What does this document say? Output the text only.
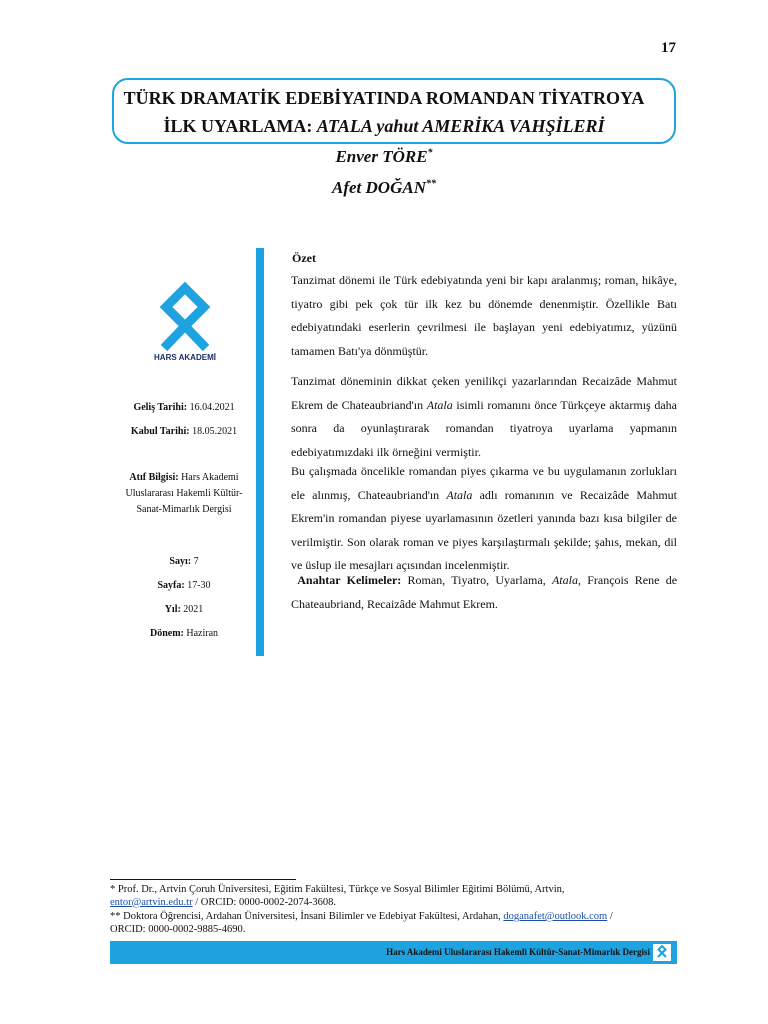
17
TÜRK DRAMATİK EDEBİYATINDA ROMANDAN TİYATROYA
İLK UYARLAMA: ATALA yahut AMERİKA VAHŞİLERİ
Enver TÖRE*
Afet DOĞAN**
HARS AKADEMİ
Geliş Tarihi: 16.04.2021
Kabul Tarihi: 18.05.2021
Atıf Bilgisi: Hars Akademi
Uluslararası Hakemli Kültür-
Sanat-Mimarlık Dergisi
Sayı: 7
Sayfa: 17-30
Yıl: 2021
Dönem: Haziran
Özet
Tanzimat dönemi ile Türk edebiyatında yeni bir kapı aralanmış; roman, hikâye, tiyatro gibi pek çok tür ilk kez bu dönemde denenmiştir. Özellikle Batı edebiyatındaki eserlerin çevrilmesi ile başlayan yeni edebiyatımız, yüzünü tamamen Batı'ya dönmüştür.
Tanzimat döneminin dikkat çeken yenilikçi yazarlarından Recaizâde Mahmut Ekrem de Chateaubriand'ın Atala isimli romanını önce Türkçeye aktarmış daha sonra da oyunlaştırarak romandan tiyatroya uyarlama yapmanın edebiyatımızdaki ilk örneğini vermiştir.
Bu çalışmada öncelikle romandan piyes çıkarma ve bu uygulamanın zorlukları ele alınmış, Chateaubriand'ın Atala adlı romanının ve Recaizâde Mahmut Ekrem'in romandan piyese uyarlamasının özetleri yanında bazı kısa bilgiler de verilmiştir. Son olarak roman ve piyes karşılaştırmalı şekilde; şahıs, mekan, dil ve üslup ile mesajları açısından incelenmiştir.
Anahtar Kelimeler: Roman, Tiyatro, Uyarlama, Atala, François Rene de Chateaubriand, Recaizâde Mahmut Ekrem.
* Prof. Dr., Artvin Çoruh Üniversitesi, Eğitim Fakültesi, Türkçe ve Sosyal Bilimler Eğitimi Bölümü, Artvin,
entor@artvin.edu.tr / ORCID: 0000-0002-2074-3608.
** Doktora Öğrencisi, Ardahan Üniversitesi, İnsani Bilimler ve Edebiyat Fakültesi, Ardahan, doganafet@outlook.com /
ORCID: 0000-0002-9885-4690.
Hars Akademi Uluslararası Hakemli Kültür-Sanat-Mimarlık Dergisi
